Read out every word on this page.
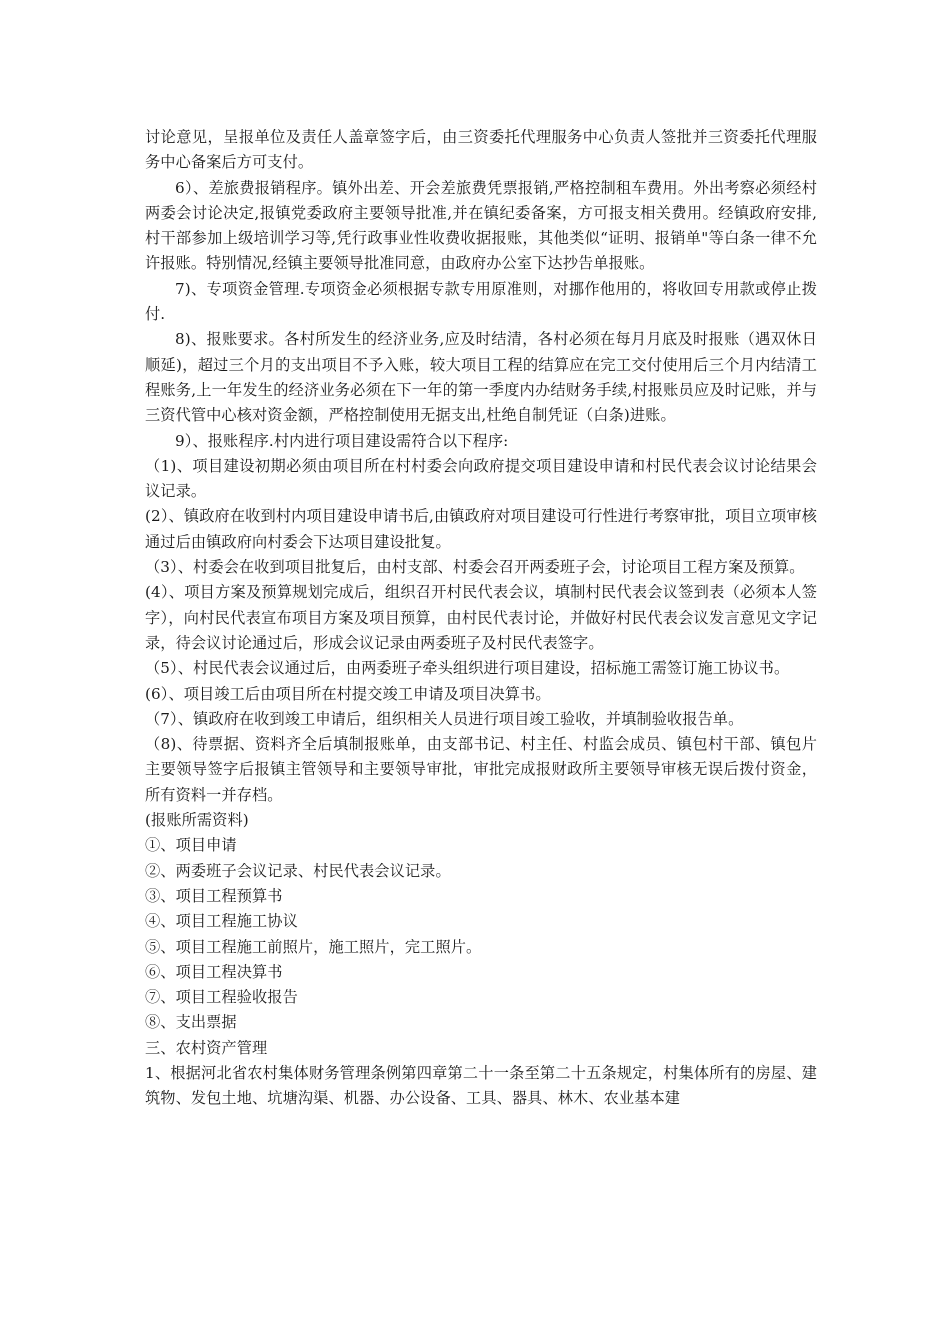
讨论意见，呈报单位及责任人盖章签字后，由三资委托代理服务中心负责人签批并三资委托代理服务中心备案后方可支付。

6）、差旅费报销程序。镇外出差、开会差旅费凭票报销,严格控制租车费用。外出考察必须经村两委会讨论决定,报镇党委政府主要领导批准,并在镇纪委备案，方可报支相关费用。经镇政府安排,村干部参加上级培训学习等,凭行政事业性收费收据报账，其他类似“证明、报销单"等白条一律不允许报账。特别情况,经镇主要领导批准同意，由政府办公室下达抄告单报账。

7)、专项资金管理.专项资金必须根据专款专用原准则，对挪作他用的，将收回专用款或停止拨付.

8)、报账要求。各村所发生的经济业务,应及时结清，各村必须在每月月底及时报账（遇双休日顺延)，超过三个月的支出项目不予入账，较大项目工程的结算应在完工交付使用后三个月内结清工程账务,上一年发生的经济业务必须在下一年的第一季度内办结财务手续,村报账员应及时记账，并与三资代管中心核对资金额，严格控制使用无据支出,杜绝自制凭证（白条)进账。

9）、报账程序.村内进行项目建设需符合以下程序:

（1)、项目建设初期必须由项目所在村村委会向政府提交项目建设申请和村民代表会议讨论结果会议记录。

(2）、镇政府在收到村内项目建设申请书后,由镇政府对项目建设可行性进行考察审批，项目立项审核通过后由镇政府向村委会下达项目建设批复。

（3）、村委会在收到项目批复后，由村支部、村委会召开两委班子会，讨论项目工程方案及预算。

(4）、项目方案及预算规划完成后，组织召开村民代表会议，填制村民代表会议签到表（必须本人签字），向村民代表宣布项目方案及项目预算，由村民代表讨论，并做好村民代表会议发言意见文字记录，待会议讨论通过后，形成会议记录由两委班子及村民代表签字。

（5）、村民代表会议通过后，由两委班子牵头组织进行项目建设，招标施工需签订施工协议书。

(6）、项目竣工后由项目所在村提交竣工申请及项目决算书。

（7）、镇政府在收到竣工申请后，组织相关人员进行项目竣工验收，并填制验收报告单。

（8)、待票据、资料齐全后填制报账单，由支部书记、村主任、村监会成员、镇包村干部、镇包片主要领导签字后报镇主管领导和主要领导审批，审批完成报财政所主要领导审核无误后拨付资金，所有资料一并存档。

(报账所需资料)

①、项目申请

②、两委班子会议记录、村民代表会议记录。

③、项目工程预算书

④、项目工程施工协议

⑤、项目工程施工前照片，施工照片，完工照片。

⑥、项目工程决算书

⑦、项目工程验收报告

⑧、支出票据

三、农村资产管理

1、根据河北省农村集体财务管理条例第四章第二十一条至第二十五条规定，村集体所有的房屋、建筑物、发包土地、坑塘沟渠、机器、办公设备、工具、器具、林木、农业基本建
